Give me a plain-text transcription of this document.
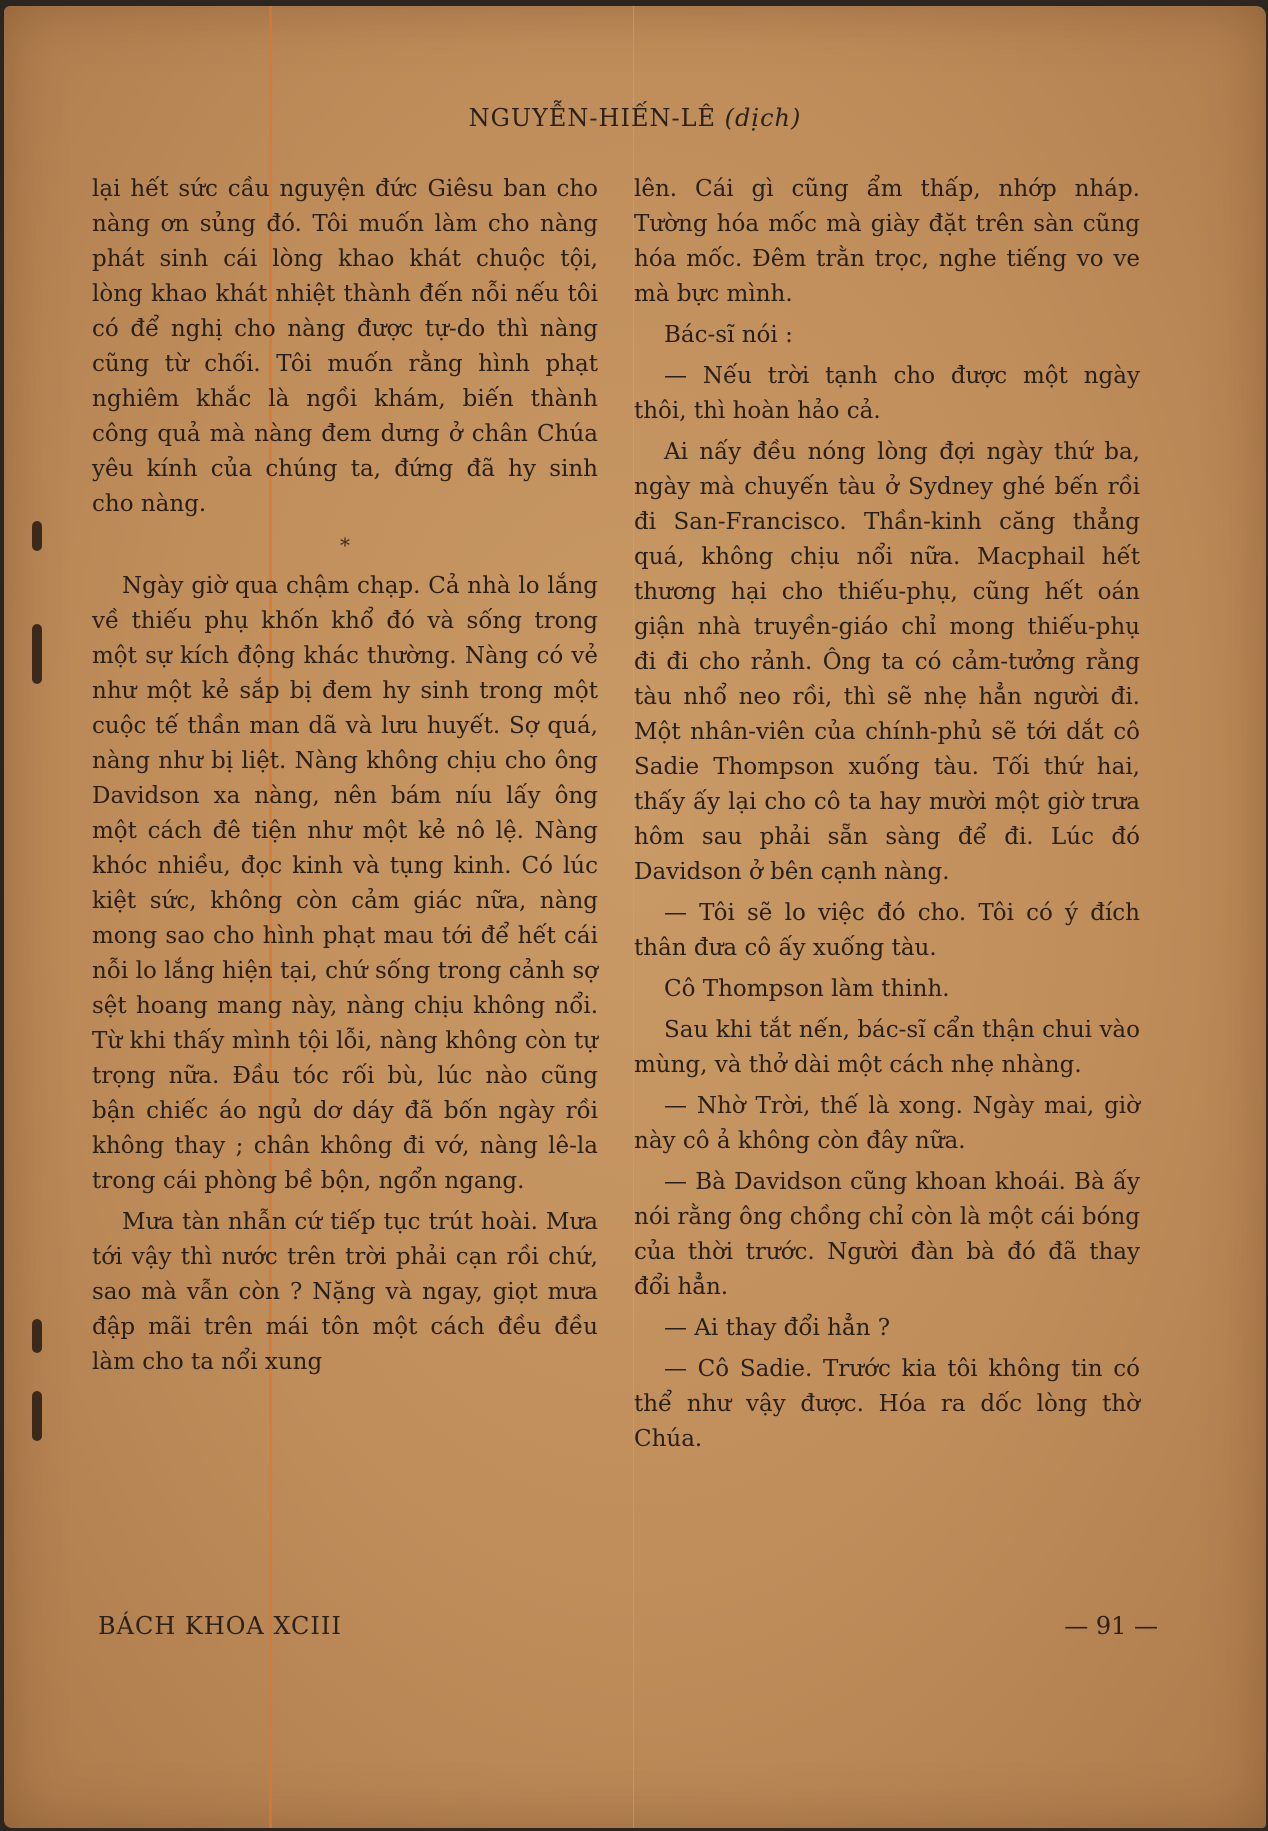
NGUYỄN-HIẾN-LÊ (dịch)

lại hết sức cầu nguyện đức Giêsu ban cho nàng ơn sủng đó. Tôi muốn làm cho nàng phát sinh cái lòng khao khát chuộc tội, lòng khao khát nhiệt thành đến nỗi nếu tôi có để nghị cho nàng được tự-do thì nàng cũng từ chối. Tôi muốn rằng hình phạt nghiêm khắc là ngồi khám, biến thành công quả mà nàng đem dưng ở chân Chúa yêu kính của chúng ta, đứng đã hy sinh cho nàng.

*

Ngày giờ qua chậm chạp. Cả nhà lo lắng về thiếu phụ khốn khổ đó và sống trong một sự kích động khác thường. Nàng có vẻ như một kẻ sắp bị đem hy sinh trong một cuộc tế thần man dã và lưu huyết. Sợ quá, nàng như bị liệt. Nàng không chịu cho ông Davidson xa nàng, nên bám níu lấy ông một cách đê tiện như một kẻ nô lệ. Nàng khóc nhiều, đọc kinh và tụng kinh. Có lúc kiệt sức, không còn cảm giác nữa, nàng mong sao cho hình phạt mau tới để hết cái nỗi lo lắng hiện tại, chứ sống trong cảnh sợ sệt hoang mang này, nàng chịu không nổi. Từ khi thấy mình tội lỗi, nàng không còn tự trọng nữa. Đầu tóc rối bù, lúc nào cũng bận chiếc áo ngủ dơ dáy đã bốn ngày rồi không thay ; chân không đi vớ, nàng lê-la trong cái phòng bề bộn, ngổn ngang.

Mưa tàn nhẫn cứ tiếp tục trút hoài. Mưa tới vậy thì nước trên trời phải cạn rồi chứ, sao mà vẫn còn ? Nặng và ngay, giọt mưa đập mãi trên mái tôn một cách đều đều làm cho ta nổi xung

lên. Cái gì cũng ẩm thấp, nhớp nháp. Tường hóa mốc mà giày đặt trên sàn cũng hóa mốc. Đêm trằn trọc, nghe tiếng vo ve mà bực mình.

Bác-sĩ nói :

— Nếu trời tạnh cho được một ngày thôi, thì hoàn hảo cả.

Ai nấy đều nóng lòng đợi ngày thứ ba, ngày mà chuyến tàu ở Sydney ghé bến rồi đi San-Francisco. Thần-kinh căng thẳng quá, không chịu nổi nữa. Macphail hết thương hại cho thiếu-phụ, cũng hết oán giận nhà truyền-giáo chỉ mong thiếu-phụ đi đi cho rảnh. Ông ta có cảm-tưởng rằng tàu nhổ neo rồi, thì sẽ nhẹ hẳn người đi. Một nhân-viên của chính-phủ sẽ tới dắt cô Sadie Thompson xuống tàu. Tối thứ hai, thấy ấy lại cho cô ta hay mười một giờ trưa hôm sau phải sẵn sàng để đi. Lúc đó Davidson ở bên cạnh nàng.

— Tôi sẽ lo việc đó cho. Tôi có ý đích thân đưa cô ấy xuống tàu.

Cô Thompson làm thinh.

Sau khi tắt nến, bác-sĩ cẩn thận chui vào mùng, và thở dài một cách nhẹ nhàng.

— Nhờ Trời, thế là xong. Ngày mai, giờ này cô ả không còn đây nữa.

— Bà Davidson cũng khoan khoái. Bà ấy nói rằng ông chồng chỉ còn là một cái bóng của thời trước. Người đàn bà đó đã thay đổi hẳn.

— Ai thay đổi hẳn ?

— Cô Sadie. Trước kia tôi không tin có thể như vậy được. Hóa ra dốc lòng thờ Chúa.

BÁCH KHOA XCIII	— 91 —
